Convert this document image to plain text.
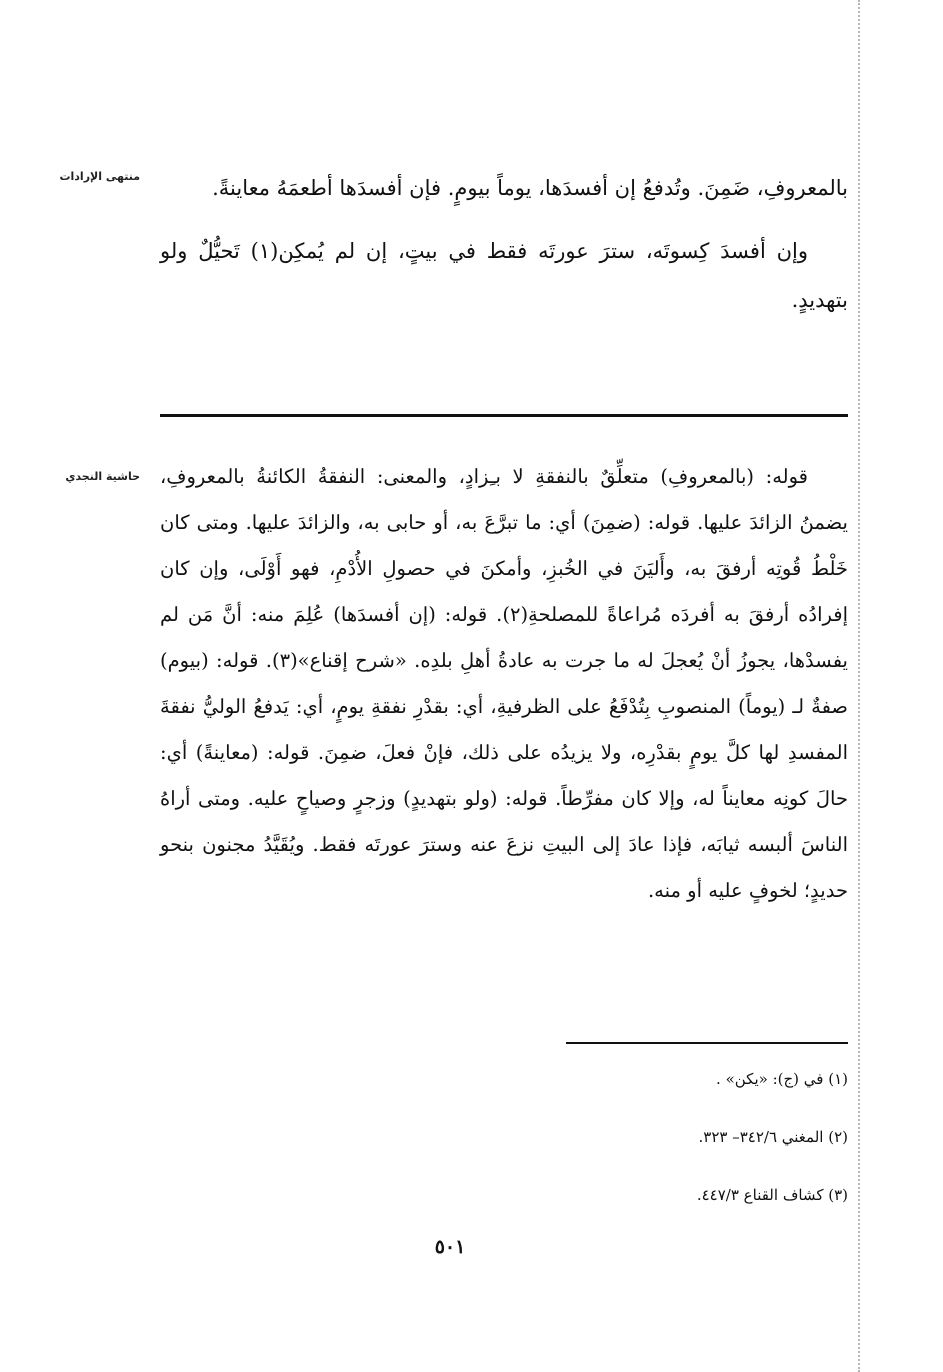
منتهى الإرادات	بالمعروفِ، ضَمِنَ. وتُدفعُ إن أفسدَها، يوماً بيومٍ. فإن أفسدَها أطعمَهُ معاينةً.

وإن أفسدَ كِسوتَه، سترَ عورتَه فقط في بيتٍ، إن لم يُمكِن(١) تَحيُّلٌ ولو بتهديدٍ.

حاشية النجدي قوله: (بالمعروفِ) متعلِّقٌ بالنفقةِ لا بـِزادٍ، والمعنى: النفقةُ الكائنةُ بالمعروفِ، يضمنُ الزائدَ عليها. قوله: (ضمِنَ) أي: ما تبرَّعَ به، أو حابى به، والزائدَ عليها. ومتى كان خَلْطُ قُوتِه أرفقَ به، وأَليَنَ في الخُبزِ، وأمكنَ في حصولِ الأُدْمِ، فهو أَوْلَى، وإن كان إفرادُه أرفقَ به أفردَه مُراعاةً للمصلحةِ(٢). قوله: (إن أفسدَها) عُلِمَ منه: أنَّ مَن لم يفسدْها، يجوزُ أنْ يُعجلَ له ما جرت به عادةُ أهلِ بلدِه. «شرح إقناع»(٣). قوله: (بيوم) صفةٌ لـ (يوماً) المنصوبِ بِتُدْفَعُ على الظرفيةِ، أي: بقدْرِ نفقةِ يومٍ، أي: يَدفعُ الوليُّ نفقةَ المفسدِ لها كلَّ يومٍ بقدْرِه، ولا يزيدُه على ذلك، فإنْ فعلَ، ضمِنَ. قوله: (معاينةً) أي: حالَ كونِه معايناً له، وإلا كان مفرِّطاً. قوله: (ولو بتهديدٍ) وزجرٍ وصياحٍ عليه. ومتى أراهُ الناسَ ألبسه ثيابَه، فإذا عادَ إلى البيتِ نزعَ عنه وسترَ عورتَه فقط. ويُقَيَّدُ مجنون بنحو حديدٍ؛ لخوفٍ عليه أو منه.

(١) في (ج): «يكن» .
(٢) المغني ٣٤٢/٦– ٣٢٣.
(٣) كشاف القناع ٤٤٧/٣.
٥٠١
